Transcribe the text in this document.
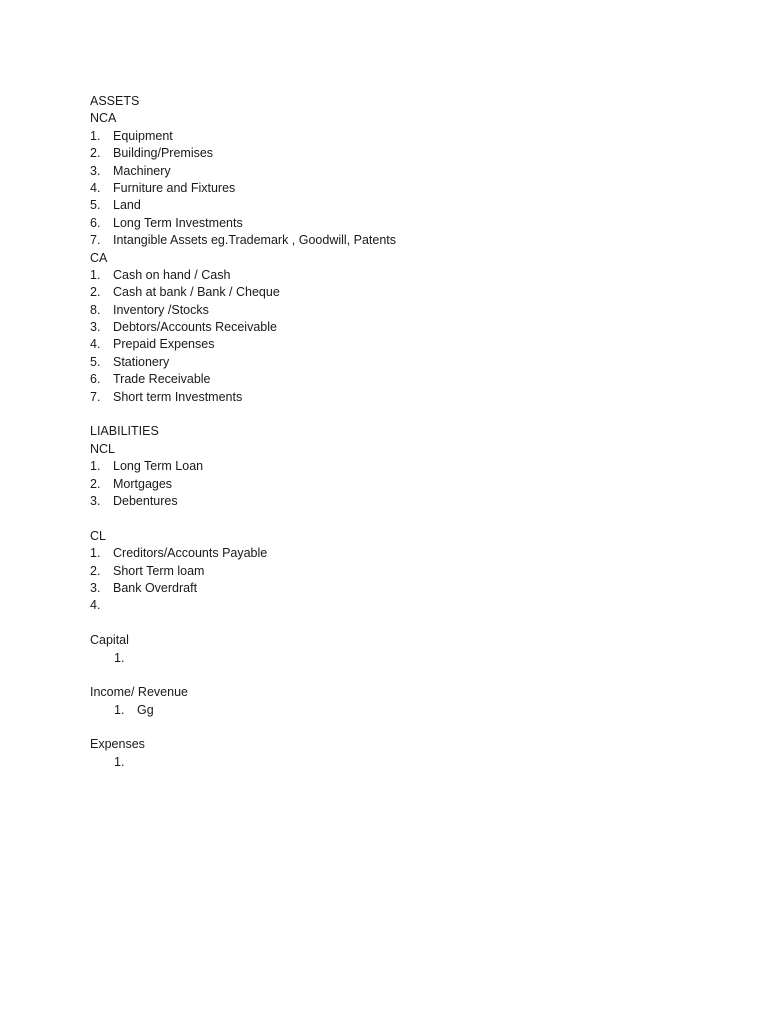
ASSETS
NCA
1. Equipment
2. Building/Premises
3. Machinery
4. Furniture and Fixtures
5. Land
6. Long Term Investments
7. Intangible Assets eg.Trademark , Goodwill, Patents
CA
1. Cash on hand / Cash
2. Cash at bank / Bank / Cheque
8. Inventory /Stocks
3. Debtors/Accounts Receivable
4. Prepaid Expenses
5. Stationery
6. Trade Receivable
7. Short term Investments
LIABILITIES
NCL
1. Long Term Loan
2. Mortgages
3. Debentures
CL
1. Creditors/Accounts Payable
2. Short Term loam
3. Bank Overdraft
4.
Capital
1.
Income/ Revenue
1. Gg
Expenses
1.
